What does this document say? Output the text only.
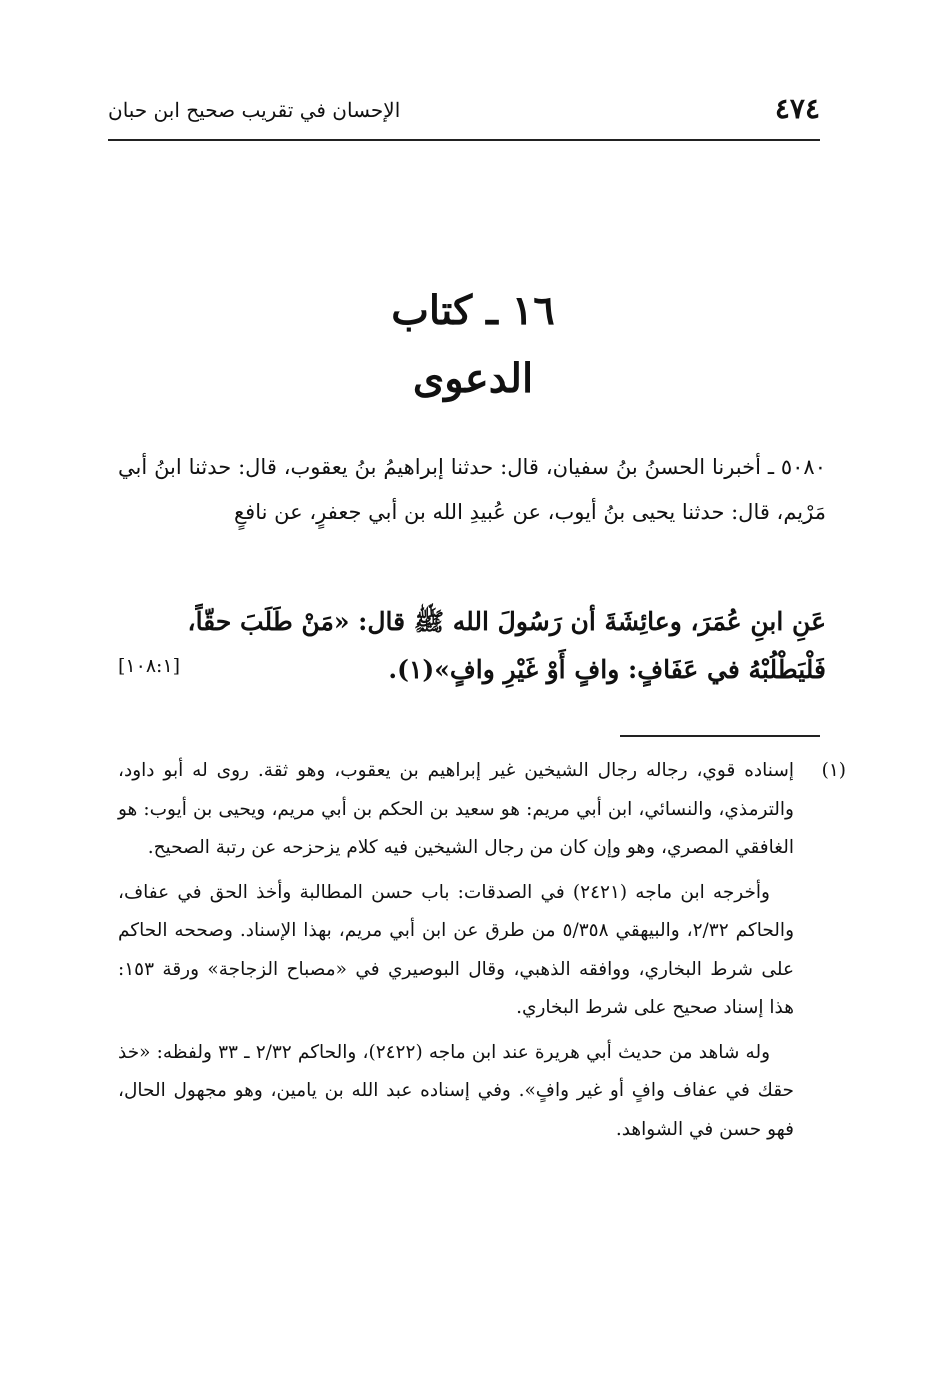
٤٧٤
الإحسان في تقريب صحيح ابن حبان
١٦ ـ كتاب
الدعوى

٥٠٨٠ ـ أخبرنا الحسنُ بنُ سفيان، قال: حدثنا إبراهيمُ بنُ يعقوب، قال: حدثنا ابنُ أبي مَرْيم، قال: حدثنا يحيى بنُ أيوب، عن عُبيدِ الله بن أبي جعفرٍ، عن نافعٍ

عَنِ ابنِ عُمَرَ، وعائِشَةَ أن رَسُولَ الله ﷺ قال: «مَنْ طَلَبَ حقّاً، فَلْيَطْلُبْهُ في عَفَافٍ: وافٍ أَوْ غَيْرِ وافٍ»(١).
[١٠٨:١]
(١)

إسناده قوي، رجاله رجال الشيخين غير إبراهيم بن يعقوب، وهو ثقة. روى له أبو داود، والترمذي، والنسائي، ابن أبي مريم: هو سعيد بن الحكم بن أبي مريم، ويحيى بن أيوب: هو الغافقي المصري، وهو وإن كان من رجال الشيخين فيه كلام يزحزحه عن رتبة الصحيح.

وأخرجه ابن ماجه (٢٤٢١) في الصدقات: باب حسن المطالبة وأخذ الحق في عفاف، والحاكم ٢/٣٢، والبيهقي ٥/٣٥٨ من طرق عن ابن أبي مريم، بهذا الإسناد. وصححه الحاكم على شرط البخاري، ووافقه الذهبي، وقال البوصيري في «مصباح الزجاجة» ورقة ١٥٣: هذا إسناد صحيح على شرط البخاري.

وله شاهد من حديث أبي هريرة عند ابن ماجه (٢٤٢٢)، والحاكم ٢/٣٢ ـ ٣٣ ولفظه: «خذ حقك في عفاف وافٍ أو غير وافٍ». وفي إسناده عبد الله بن يامين، وهو مجهول الحال، فهو حسن في الشواهد.
